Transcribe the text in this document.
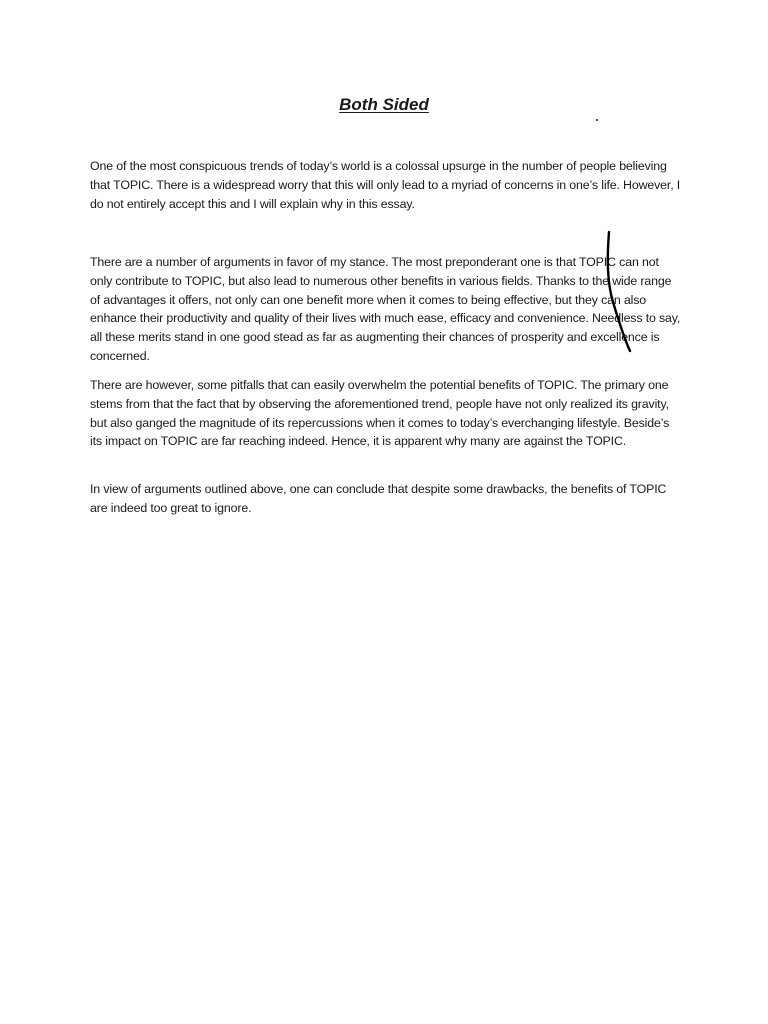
Both Sided

One of the most conspicuous trends of today’s world is a colossal upsurge in the number of people believing that TOPIC. There is a widespread worry that this will only lead to a myriad of concerns in one’s life. However, I do not entirely accept this and I will explain why in this essay.

There are a number of arguments in favor of my stance. The most preponderant one is that TOPIC can not only contribute to TOPIC, but also lead to numerous other benefits in various fields. Thanks to the wide range of advantages it offers, not only can one benefit more when it comes to being effective, but they can also enhance their productivity and quality of their lives with much ease, efficacy and convenience. Needless to say, all these merits stand in one good stead as far as augmenting their chances of prosperity and excellence is concerned.

There are however, some pitfalls that can easily overwhelm the potential benefits of TOPIC. The primary one stems from that the fact that by observing the aforementioned trend, people have not only realized its gravity, but also ganged the magnitude of its repercussions when it comes to today’s everchanging lifestyle. Beside’s its impact on TOPIC are far reaching indeed. Hence, it is apparent why many are against the TOPIC.

In view of arguments outlined above, one can conclude that despite some drawbacks, the benefits of TOPIC are indeed too great to ignore.
